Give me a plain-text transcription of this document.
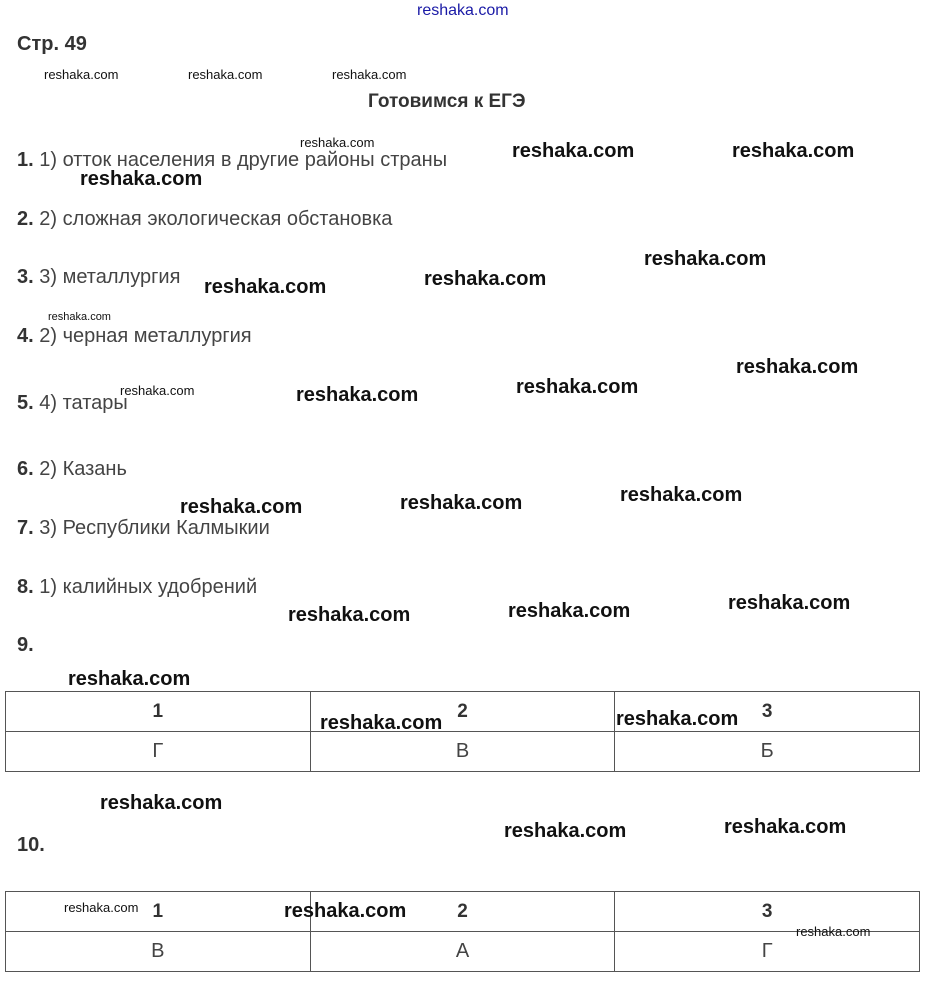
reshaka.com
Стр. 49
Готовимся к ЕГЭ
1. 1) отток населения в другие районы страны
2. 2) сложная экологическая обстановка
3. 3) металлургия
4. 2) черная металлургия
5. 4) татары
6. 2) Казань
7. 3) Республики Калмыкии
8. 1) калийных удобрений
9.
1	2	3
Г	В	Б
10.
1	2	3
В	А	Г
reshaka.com	reshaka.com	reshaka.com
reshaka.com
reshaka.com
reshaka.com
reshaka.com
reshaka.com
reshaka.com	reshaka.com
reshaka.com
reshaka.com
reshaka.com
reshaka.com
reshaka.com
reshaka.com
reshaka.com
reshaka.com
reshaka.com
reshaka.com
reshaka.com
reshaka.com
reshaka.com
reshaka.com
reshaka.com
reshaka.com
reshaka.com
reshaka.com
reshaka.com
reshaka.com
